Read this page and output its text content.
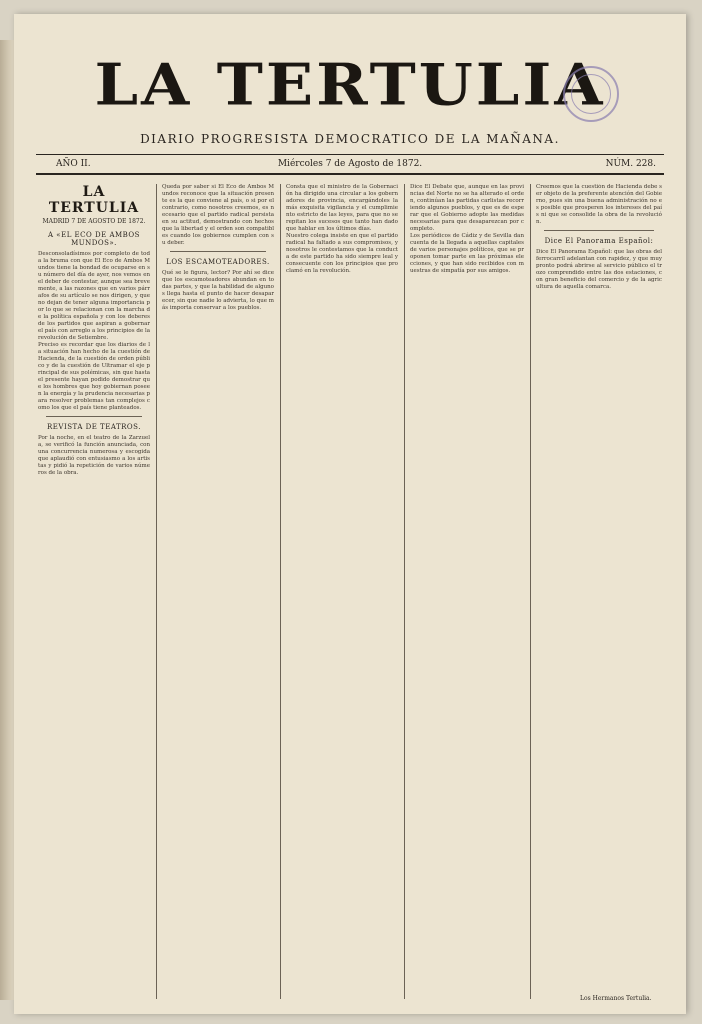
LA TERTULIA
DIARIO PROGRESISTA DEMOCRATICO DE LA MAÑANA.
AÑO II.	Miércoles 7 de Agosto de 1872.	NÚM. 228.
LA TERTULIA
MADRID 7 DE AGOSTO DE 1872.
A «EL ECO DE AMBOS MUNDOS».
Desconsoladísimos por completo de toda la bruma con que El Eco de Ambos Mundos tiene la bondad de ocuparse en su número del día de ayer, nos vemos en el deber de contestar, aunque sea brevemente, a las razones que en varios párrafos de su artículo se nos dirigen, y que no dejan de tener alguna importancia por lo que se relacionan con la marcha de la política española y con los deberes de los partidos que aspiran a gobernar el país con arreglo a los principios de la revolución de Setiembre.
Preciso es recordar que los diarios de la situación han hecho de la cuestión de Hacienda, de la cuestión de orden público y de la cuestión de Ultramar el eje principal de sus polémicas, sin que hasta el presente hayan podido demostrar que los hombres que hoy gobiernan poseen la energía y la prudencia necesarias para resolver problemas tan complejos como los que el país tiene planteados.
REVISTA DE TEATROS.
Por la noche, en el teatro de la Zarzuela, se verificó la función anunciada, con una concurrencia numerosa y escogida que aplaudió con entusiasmo a los artistas y pidió la repetición de varios números de la obra.
Queda por saber si El Eco de Ambos Mundos reconoce que la situación presente es la que conviene al país, o si por el contrario, como nosotros creemos, es necesario que el partido radical persista en su actitud, demostrando con hechos que la libertad y el orden son compatibles cuando los gobiernos cumplen con su deber.
LOS ESCAMOTEADORES.
Qué se le figura, lector? Por ahí se dice que los escamoteadores abundan en todas partes, y que la habilidad de algunos llega hasta el punto de hacer desaparecer, sin que nadie lo advierta, lo que más importa conservar a los pueblos.
Consta que el ministro de la Gobernación ha dirigido una circular a los gobernadores de provincia, encargándoles la más exquisita vigilancia y el cumplimiento estricto de las leyes, para que no se repitan los sucesos que tanto han dado que hablar en los últimos días.
Nuestro colega insiste en que el partido radical ha faltado a sus compromisos, y nosotros le contestamos que la conducta de este partido ha sido siempre leal y consecuente con los principios que proclamó en la revolución.
Dice El Debate que, aunque en las provincias del Norte no se ha alterado el orden, continúan las partidas carlistas recorriendo algunos pueblos, y que es de esperar que el Gobierno adopte las medidas necesarias para que desaparezcan por completo.
Los periódicos de Cádiz y de Sevilla dan cuenta de la llegada a aquellas capitales de varios personajes políticos, que se proponen tomar parte en las próximas elecciones, y que han sido recibidos con muestras de simpatía por sus amigos.
Creemos que la cuestión de Hacienda debe ser objeto de la preferente atención del Gobierno, pues sin una buena administración no es posible que prosperen los intereses del país ni que se consolide la obra de la revolución.
Dice El Panorama Español:
Dice El Panorama Español: que las obras del ferrocarril adelantan con rapidez, y que muy pronto podrá abrirse al servicio público el trozo comprendido entre las dos estaciones, con gran beneficio del comercio y de la agricultura de aquella comarca.
Los Hermanos Tertulia.
